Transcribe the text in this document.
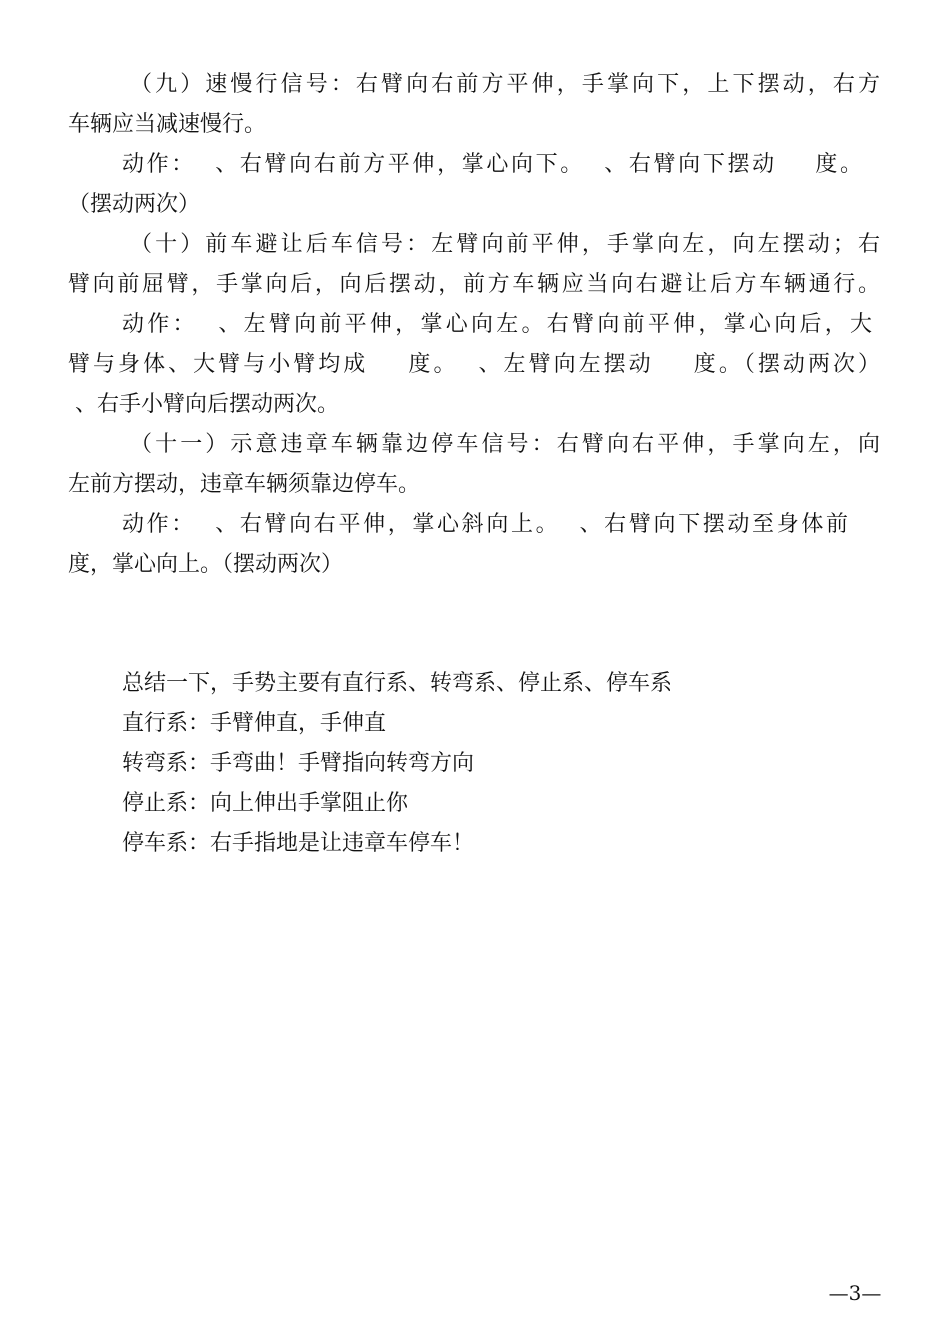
（九）速慢行信号：右臂向右前方平伸，手掌向下，上下摆动，右方
车辆应当减速慢行。
动作：  、右臂向右前方平伸，掌心向下。  、右臂向下摆动    度。
（摆动两次）
（十）前车避让后车信号：左臂向前平伸，手掌向左，向左摆动；右
臂向前屈臂，手掌向后，向后摆动，前方车辆应当向右避让后方车辆通行。
动作：  、左臂向前平伸，掌心向左。右臂向前平伸，掌心向后，大
臂与身体、大臂与小臂均成    度。  、左臂向左摆动    度。（摆动两次）
、右手小臂向后摆动两次。
（十一）示意违章车辆靠边停车信号：右臂向右平伸，手掌向左，向
左前方摆动，违章车辆须靠边停车。
动作：  、右臂向右平伸，掌心斜向上。  、右臂向下摆动至身体前
度，掌心向上。（摆动两次）
总结一下，手势主要有直行系、转弯系、停止系、停车系
直行系：手臂伸直，手伸直
转弯系：手弯曲！手臂指向转弯方向
停止系：向上伸出手掌阻止你
停车系：右手指地是让违章车停车！
—3—
